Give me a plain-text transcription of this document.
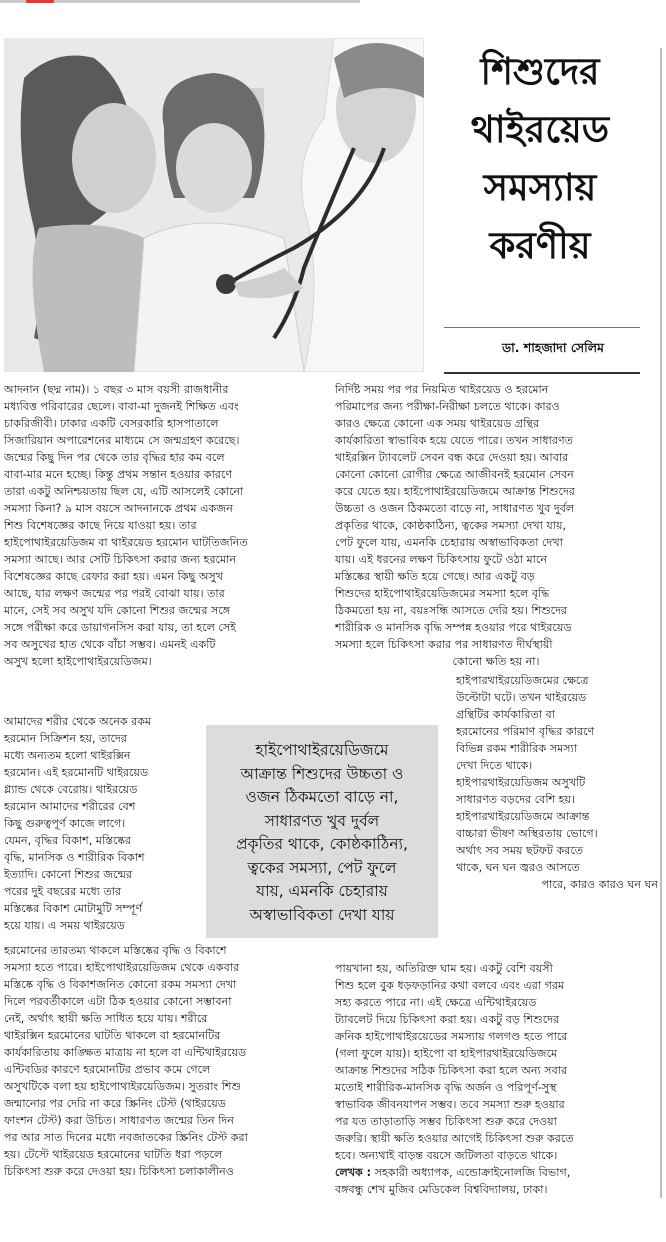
শিশুদের
থাইরয়েড
সমস্যায়
করণীয়
ডা. শাহজাদা সেলিম
আদনান (ছদ্ম নাম)। ১ বছর ৩ মাস বয়সী রাজধানীর
মধ্যবিত্ত পরিবারের ছেলে। বাবা-মা দুজনই শিক্ষিত এবং
চাকরিজীবী। ঢাকার একটি বেসরকারি হাসপাতালে
সিজারিয়ান অপারেশনের মাধ্যমে সে জন্মগ্রহণ করেছে।
জন্মের কিছু দিন পর থেকে তার বৃদ্ধির হার কম বলে
বাবা-মার মনে হচ্ছে। কিন্তু প্রথম সন্তান হওয়ার কারণে
তারা একটু অনিশ্চয়তায় ছিল যে, এটি আসলেই কোনো
সমস্যা কিনা? ৯ মাস বয়সে আদনানকে প্রথম একজন
শিশু বিশেষজ্ঞের কাছে নিয়ে যাওয়া হয়। তার
হাইপোথাইরয়েডিজম বা থাইরয়েড হরমোন ঘাটতিজনিত
সমস্যা আছে। আর সেটি চিকিৎসা করার জন্য হরমোন
বিশেষজ্ঞের কাছে রেফার করা হয়। এমন কিছু অসুখ
আছে, যার লক্ষণ জন্মের পর পরই বোঝা যায়। তার
মানে, সেই সব অসুখ যদি কোনো শিশুর জন্মের সঙ্গে
সঙ্গে পরীক্ষা করে ডায়াগনসিস করা যায়, তা হলে সেই
সব অসুখের হাত থেকে বাঁচা সম্ভব। এমনই একটি
অসুখ হলো হাইপোথাইরয়েডিজম।
আমাদের শরীর থেকে অনেক রকম
হরমোন সিক্রিশন হয়, তাদের
মধ্যে অন্যতম হলো থাইরক্সিন
হরমোন। এই হরমোনটি থাইরয়েড
গ্ল্যান্ড থেকে বেরোয়। থাইরয়েড
হরমোন আমাদের শরীরের বেশ
কিছু গুরুত্বপূর্ণ কাজে লাগে।
যেমন, বৃদ্ধির বিকাশ, মস্তিষ্কের
বৃদ্ধি, মানসিক ও শারীরিক বিকাশ
ইত্যাদি। কোনো শিশুর জন্মের
পরের দুই বছরের মধ্যে তার
মস্তিষ্কের বিকাশ মোটামুটি সম্পূর্ণ
হয়ে যায়। এ সময় থাইরয়েড
হরমোনের তারতম্য থাকলে মস্তিষ্কের বৃদ্ধি ও বিকাশে
সমস্যা হতে পারে। হাইপোথাইরয়েডিজম থেকে একবার
মস্তিষ্কে বৃদ্ধি ও বিকাশজনিত কোনো রকম সমস্যা দেখা
দিলে পরবর্তীকালে এটা ঠিক হওয়ার কোনো সম্ভাবনা
নেই, অর্থাৎ স্থায়ী ক্ষতি সাধিত হয়ে যায়। শরীরে
থাইরক্সিন হরমোনের ঘাটতি থাকলে বা হরমোনটির
কার্যকারিতায় কাঙ্ক্ষিত মাত্রায় না হলে বা এন্টিথাইরয়েড
এন্টিবডির কারণে হরমোনটির প্রভাব কমে গেলে
অসুখটিকে বলা হয় হাইপোথাইরয়েডিজম। সুতরাং শিশু
জন্মানোর পর দেরি না করে স্ক্রিনিং টেস্ট (থাইরয়েড
ফাংশন টেস্ট) করা উচিত। সাধারণত জন্মের তিন দিন
পর আর সাত দিনের মধ্যে নবজাতকের স্ক্রিনিং টেস্ট করা
হয়। টেস্টে থাইরয়েড হরমোনের ঘাটতি ধরা পড়লে
চিকিৎসা শুরু করে দেওয়া হয়। চিকিৎসা চলাকালীনও
নির্দিষ্ট সময় পর পর নিয়মিত থাইরয়েড ও হরমোন
পরিমাপের জন্য পরীক্ষা-নিরীক্ষা চলতে থাকে। কারও
কারও ক্ষেত্রে কোনো এক সময় থাইরয়েড গ্রন্থির
কার্যকারিতা স্বাভাবিক হয়ে যেতে পারে। তখন সাধারণত
থাইরক্সিন ট্যাবলেট সেবন বন্ধ করে দেওয়া হয়। আবার
কোনো কোনো রোগীর ক্ষেত্রে আজীবনই হরমোন সেবন
করে যেতে হয়। হাইপোথাইরয়েডিজমে আক্রান্ত শিশুদের
উচ্চতা ও ওজন ঠিকমতো বাড়ে না, সাধারণত খুব দুর্বল
প্রকৃতির থাকে, কোষ্ঠকাঠিন্য, ত্বকের সমস্যা দেখা যায়,
পেট ফুলে যায়, এমনকি চেহারায় অস্বাভাবিকতা দেখা
যায়। এই ধরনের লক্ষণ চিকিৎসায় ফুটে ওঠা মানে
মস্তিষ্কের স্থায়ী ক্ষতি হয়ে গেছে। আর একটু বড়
শিশুদের হাইপোথাইরয়েডিজমের সমস্যা হলে বৃদ্ধি
ঠিকমতো হয় না, বয়ঃসন্ধি আসতে দেরি হয়। শিশুদের
শারীরিক ও মানসিক বৃদ্ধি সম্পন্ন হওয়ার পরে থাইরয়েড
সমস্যা হলে চিকিৎসা করার পর সাধারণত দীর্ঘস্থায়ী
কোনো ক্ষতি হয় না।
হাইপারথাইরয়েডিজমের ক্ষেত্রে
উল্টোটা ঘটে। তখন থাইরয়েড
গ্রন্থিটির কার্যকারিতা বা
হরমোনের পরিমাণ বৃদ্ধির কারণে
বিভিন্ন রকম শারীরিক সমস্যা
দেখা দিতে থাকে।
হাইপারথাইরয়েডিজম অসুখটি
সাধারণত বড়দের বেশি হয়।
হাইপারথাইরয়েডিজমে আক্রান্ত
বাচ্চারা ভীষণ অস্থিরতায় ভোগে।
অর্থাৎ সব সময় ছটফট করতে
থাকে, ঘন ঘন জ্বরও আসতে
পারে, কারও কারও ঘন ঘন
পায়খানা হয়, অতিরিক্ত ঘাম হয়। একটু বেশি বয়সী
শিশু হলে বুক ধড়ফড়ানির কথা বলবে এবং এরা গরম
সহ্য করতে পারে না। এই ক্ষেত্রে এন্টিথাইরয়েড
ট্যাবলেট দিয়ে চিকিৎসা করা হয়। একটু বড় শিশুদের
ক্রনিক হাইপোথাইরয়েডের সমস্যায় গলগণ্ড হতে পারে
(গলা ফুলে যায়)। হাইপো বা হাইপারথাইরয়েডিজমে
আক্রান্ত শিশুদের সঠিক চিকিৎসা করা হলে অন্য সবার
মতোই শারীরিক-মানসিক বৃদ্ধি অর্জন ও পরিপূর্ণ-সুস্থ
স্বাভাবিক জীবনযাপন সম্ভব। তবে সমস্যা শুরু হওয়ার
পর যত তাড়াতাড়ি সম্ভব চিকিৎসা শুরু করে দেওয়া
জরুরি। স্থায়ী ক্ষতি হওয়ার আগেই চিকিৎসা শুরু করতে
হবে। অন্যথাই বাড়ন্ত বয়সে জটিলতা বাড়তে থাকে।
লেখক : সহকারী অধ্যাপক, এন্ডোক্রাইনোলজি বিভাগ,
বঙ্গবন্ধু শেখ মুজিব মেডিকেল বিশ্ববিদ্যালয়, ঢাকা।
হাইপোথাইরয়েডিজমে
আক্রান্ত শিশুদের উচ্চতা ও
ওজন ঠিকমতো বাড়ে না,
সাধারণত খুব দুর্বল
প্রকৃতির থাকে, কোষ্ঠকাঠিন্য,
ত্বকের সমস্যা, পেট ফুলে
যায়, এমনকি চেহারায়
অস্বাভাবিকতা দেখা যায়
